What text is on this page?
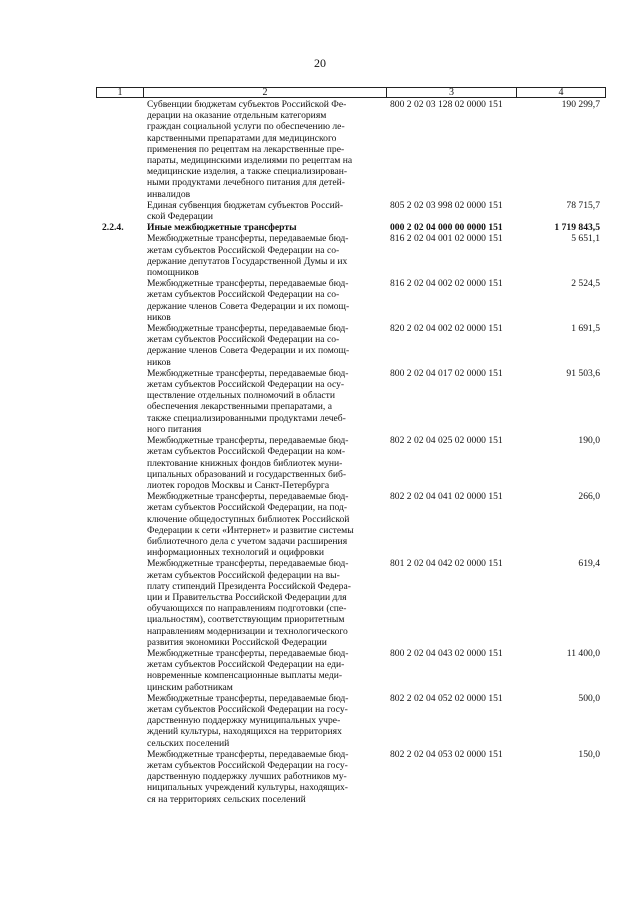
20
1	2	3	4
Субвенции бюджетам субъектов Российской Фе-
дерации на оказание отдельным категориям
граждан социальной услуги по обеспечению ле-
карственными препаратами для медицинского
применения по рецептам на лекарственные пре-
параты, медицинскими изделиями по рецептам на
медицинские изделия, а также специализирован-
ными продуктами лечебного питания для детей-
инвалидов
800 2 02 03 128 02 0000 151	190 299,7
Единая субвенция бюджетам субъектов Россий-
ской Федерации
805 2 02 03 998 02 0000 151	78 715,7
2.2.4.	Иные межбюджетные трансферты	000 2 02 04 000 00 0000 151	1 719 843,5
Межбюджетные трансферты, передаваемые бюд-
жетам субъектов Российской Федерации на со-
держание депутатов Государственной Думы и их
помощников
816 2 02 04 001 02 0000 151	5 651,1
Межбюджетные трансферты, передаваемые бюд-
жетам субъектов Российской Федерации на со-
держание членов Совета Федерации и их помощ-
ников
816 2 02 04 002 02 0000 151	2 524,5
Межбюджетные трансферты, передаваемые бюд-
жетам субъектов Российской Федерации на со-
держание членов Совета Федерации и их помощ-
ников
820 2 02 04 002 02 0000 151	1 691,5
Межбюджетные трансферты, передаваемые бюд-
жетам субъектов Российской Федерации на осу-
ществление отдельных полномочий в области
обеспечения лекарственными препаратами, а
также специализированными продуктами лечеб-
ного питания
800 2 02 04 017 02 0000 151	91 503,6
Межбюджетные трансферты, передаваемые бюд-
жетам субъектов Российской Федерации на ком-
плектование книжных фондов библиотек муни-
ципальных образований и государственных биб-
лиотек городов Москвы и Санкт-Петербурга
802 2 02 04 025 02 0000 151	190,0
Межбюджетные трансферты, передаваемые бюд-
жетам субъектов Российской Федерации, на под-
ключение общедоступных библиотек Российской
Федерации к сети «Интернет» и развитие системы
библиотечного дела с учетом задачи расширения
информационных технологий и оцифровки
802 2 02 04 041 02 0000 151	266,0
Межбюджетные трансферты, передаваемые бюд-
жетам субъектов Российской федерации на вы-
плату стипендий Президента Российской Федера-
ции и Правительства Российской Федерации для
обучающихся по направлениям подготовки (спе-
циальностям), соответствующим приоритетным
направлениям модернизации и технологического
развития экономики Российской Федерации
801 2 02 04 042 02 0000 151	619,4
Межбюджетные трансферты, передаваемые бюд-
жетам субъектов Российской Федерации на еди-
новременные компенсационные выплаты меди-
цинским работникам
800 2 02 04 043 02 0000 151	11 400,0
Межбюджетные трансферты, передаваемые бюд-
жетам субъектов Российской Федерации на госу-
дарственную поддержку муниципальных учре-
ждений культуры, находящихся на территориях
сельских поселений
802 2 02 04 052 02 0000 151	500,0
Межбюджетные трансферты, передаваемые бюд-
жетам субъектов Российской Федерации на госу-
дарственную поддержку лучших работников му-
ниципальных учреждений культуры, находящих-
ся на территориях сельских поселений
802 2 02 04 053 02 0000 151	150,0
